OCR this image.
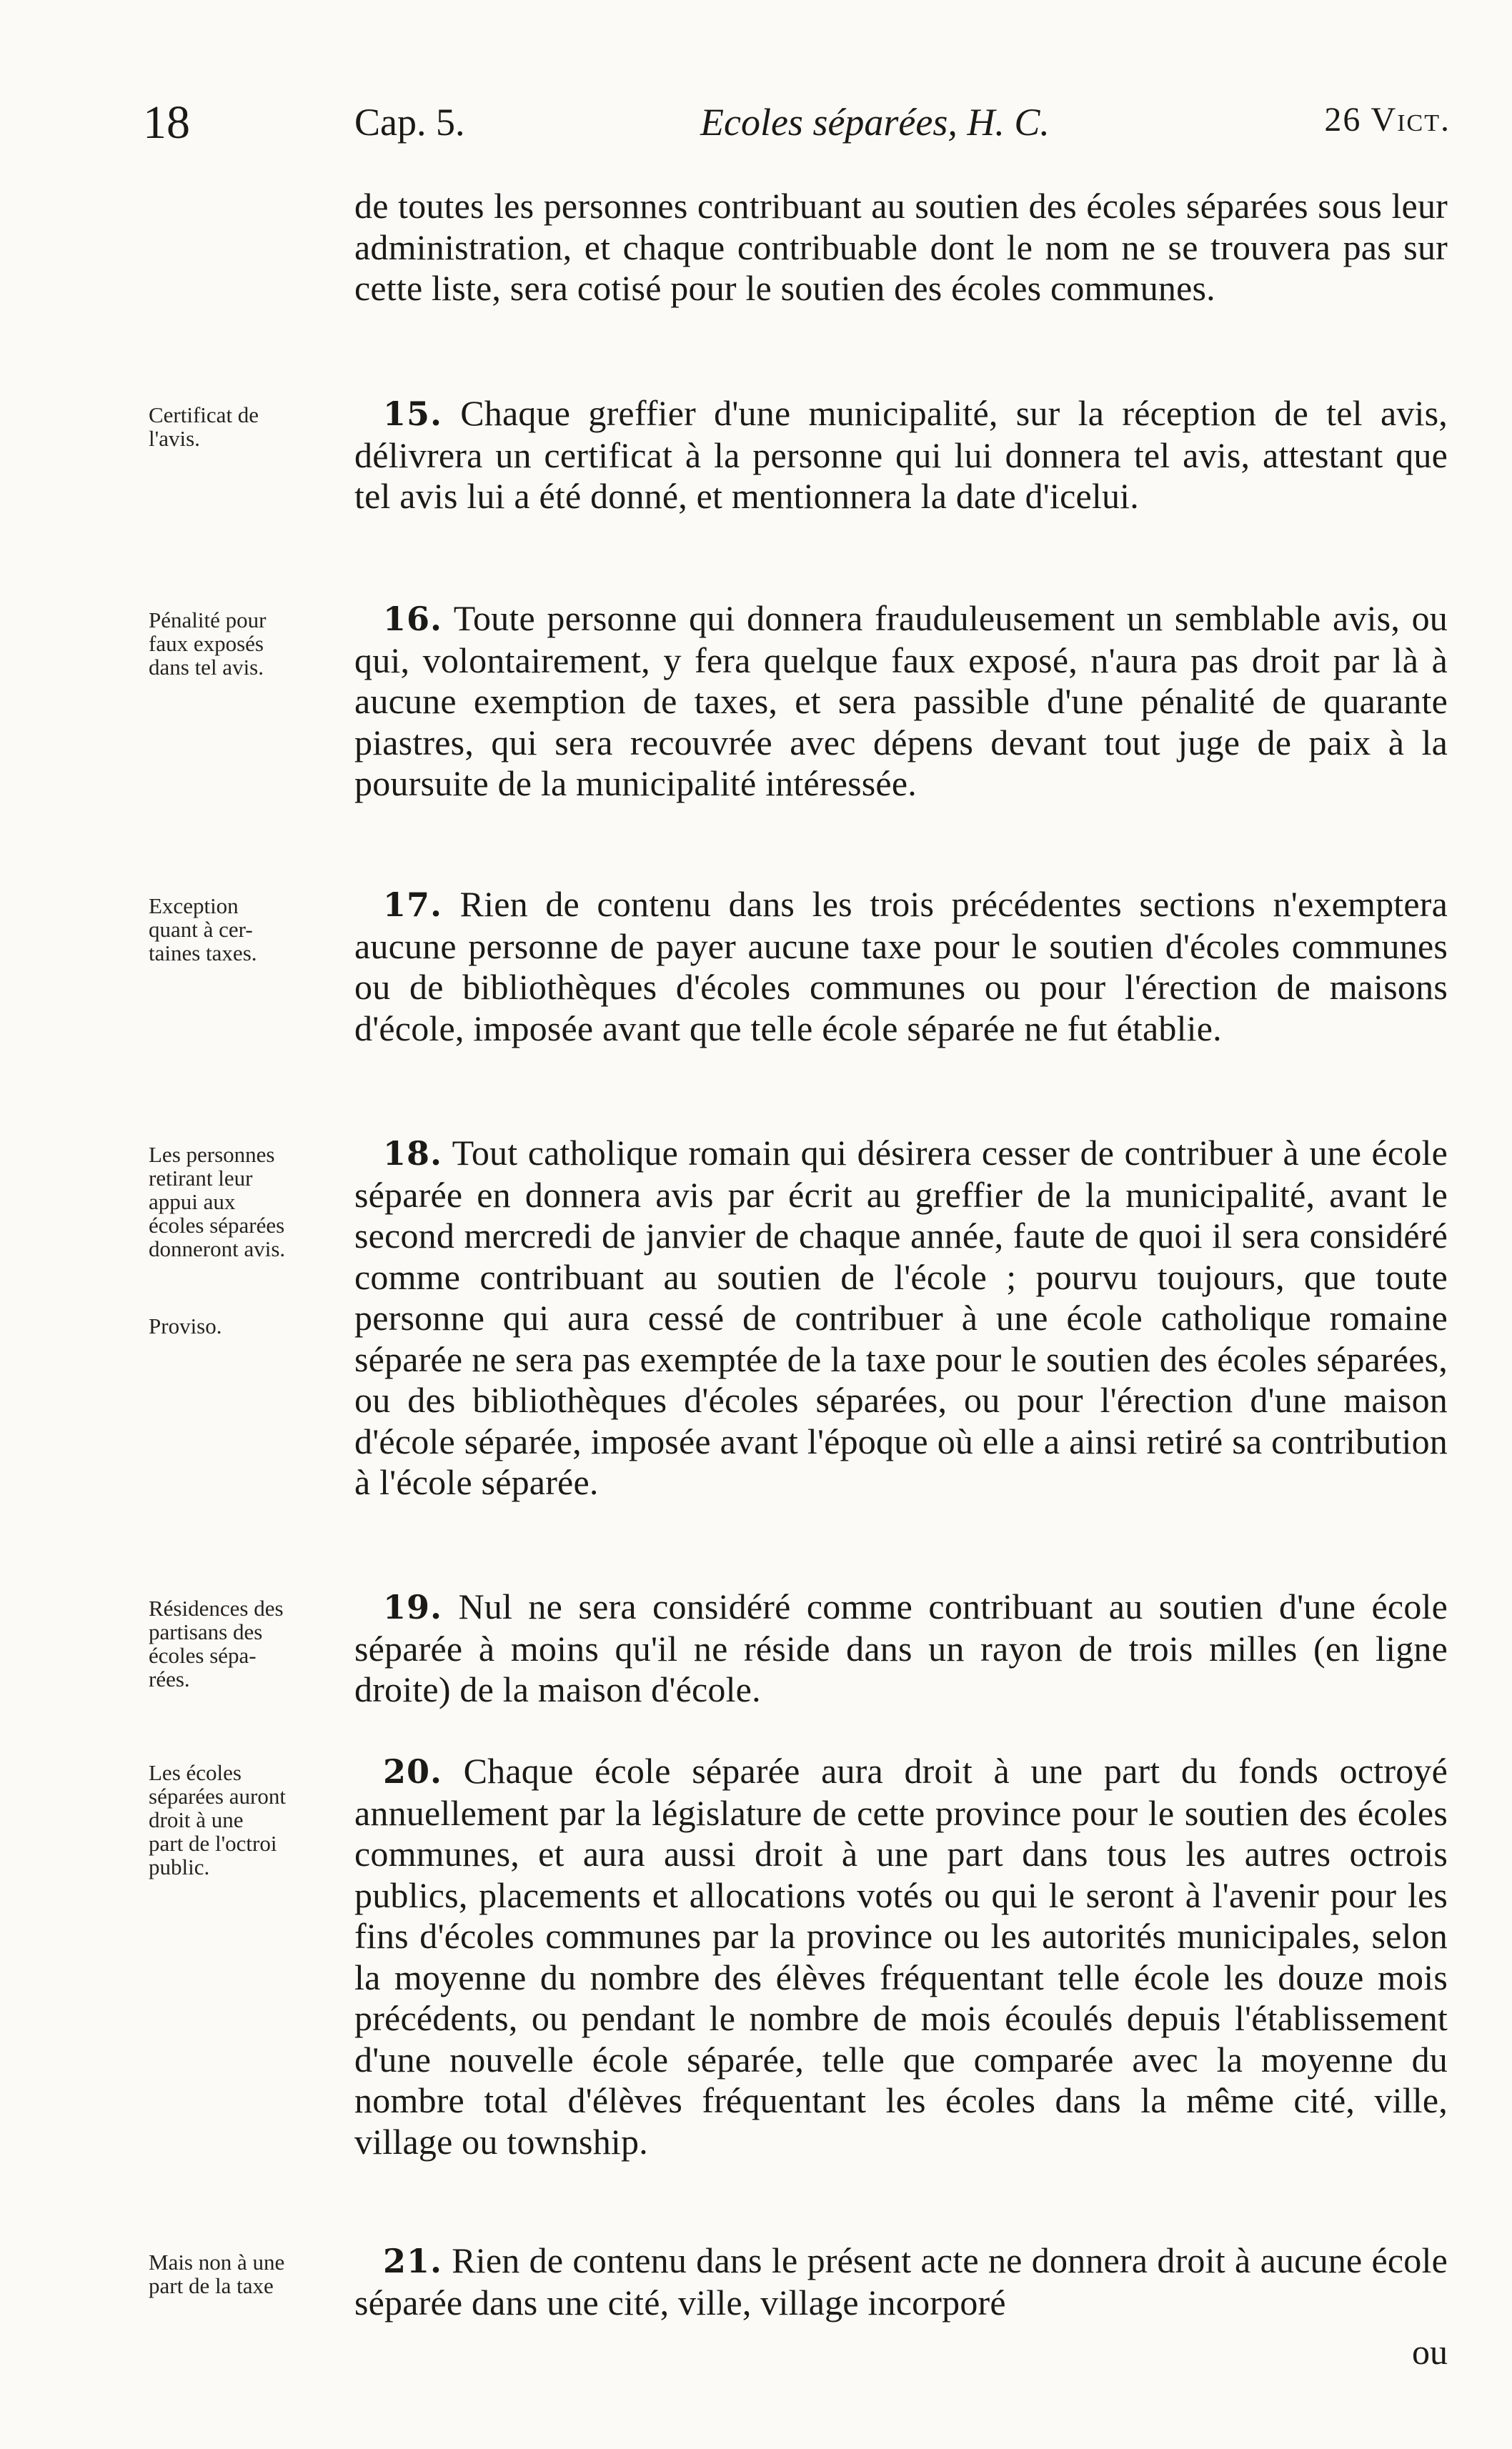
18	Cap. 5.	Ecoles séparées, H. C.	26 Vict.

de toutes les personnes contribuant au soutien des écoles séparées sous leur administration, et chaque contribuable dont le nom ne se trouvera pas sur cette liste, sera cotisé pour le soutien des écoles communes.

Certificat de
l'avis.

15. Chaque greffier d'une municipalité, sur la réception de tel avis, délivrera un certificat à la personne qui lui donnera tel avis, attestant que tel avis lui a été donné, et mentionnera la date d'icelui.

Pénalité pour
faux exposés
dans tel avis.

16. Toute personne qui donnera frauduleusement un semblable avis, ou qui, volontairement, y fera quelque faux exposé, n'aura pas droit par là à aucune exemption de taxes, et sera passible d'une pénalité de quarante piastres, qui sera recouvrée avec dépens devant tout juge de paix à la poursuite de la municipalité intéressée.

Exception
quant à cer-
taines taxes.

17. Rien de contenu dans les trois précédentes sections n'exemptera aucune personne de payer aucune taxe pour le soutien d'écoles communes ou de bibliothèques d'écoles communes ou pour l'érection de maisons d'école, imposée avant que telle école séparée ne fut établie.

Les personnes
retirant leur
appui aux
écoles séparées
donneront avis.
Proviso.

18. Tout catholique romain qui désirera cesser de contribuer à une école séparée en donnera avis par écrit au greffier de la municipalité, avant le second mercredi de janvier de chaque année, faute de quoi il sera considéré comme contribuant au soutien de l'école ; pourvu toujours, que toute personne qui aura cessé de contribuer à une école catholique romaine séparée ne sera pas exemptée de la taxe pour le soutien des écoles séparées, ou des bibliothèques d'écoles séparées, ou pour l'érection d'une maison d'école séparée, imposée avant l'époque où elle a ainsi retiré sa contribution à l'école séparée.

Résidences des
partisans des
écoles sépa-
rées.

19. Nul ne sera considéré comme contribuant au soutien d'une école séparée à moins qu'il ne réside dans un rayon de trois milles (en ligne droite) de la maison d'école.

Les écoles
séparées auront
droit à une
part de l'octroi
public.

20. Chaque école séparée aura droit à une part du fonds octroyé annuellement par la législature de cette province pour le soutien des écoles communes, et aura aussi droit à une part dans tous les autres octrois publics, placements et allocations votés ou qui le seront à l'avenir pour les fins d'écoles communes par la province ou les autorités municipales, selon la moyenne du nombre des élèves fréquentant telle école les douze mois précédents, ou pendant le nombre de mois écoulés depuis l'établissement d'une nouvelle école séparée, telle que comparée avec la moyenne du nombre total d'élèves fréquentant les écoles dans la même cité, ville, village ou township.

Mais non à une
part de la taxe

21. Rien de contenu dans le présent acte ne donnera droit à aucune école séparée dans une cité, ville, village incorporé

ou
